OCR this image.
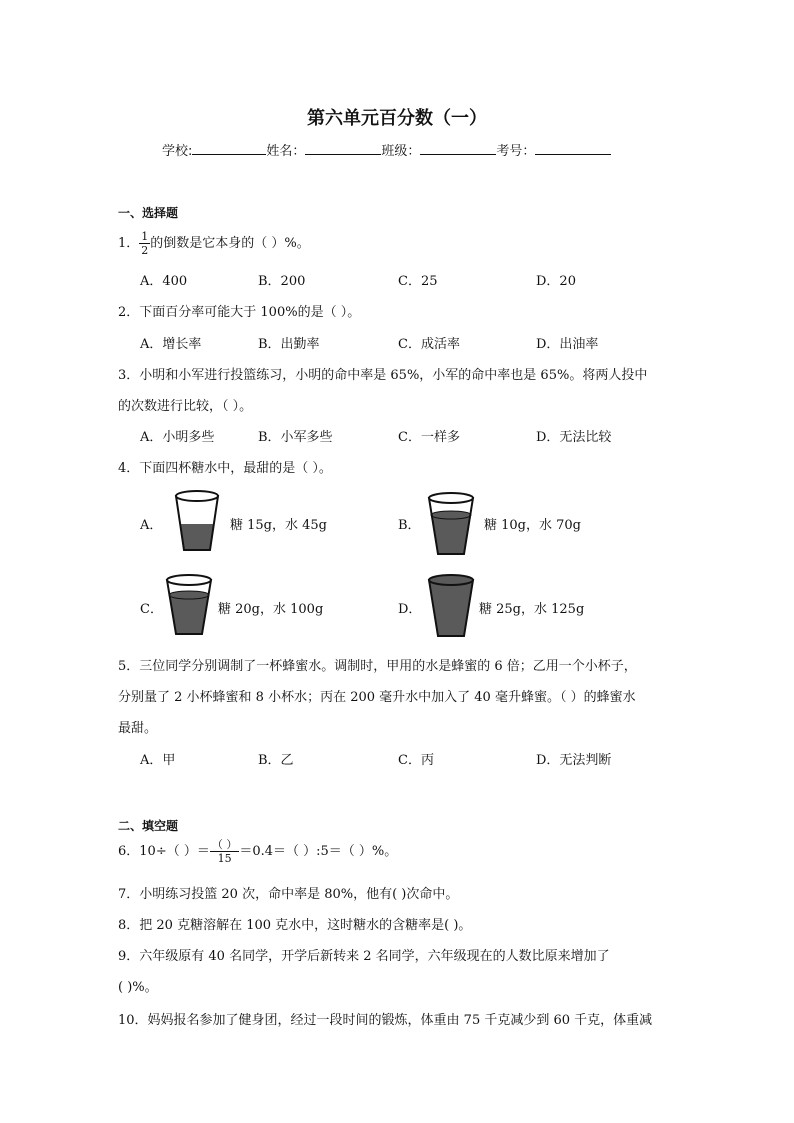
第六单元百分数（一）
学校:	姓名：	班级：	考号：
一、选择题
1． $\frac{1}{2}$ 的倒数是它本身的（ ）%。
A．400	B．200	C．25	D．20
2．下面百分率可能大于 100%的是（ ）。
A．增长率	B．出勤率	C．成活率	D．出油率
3．小明和小军进行投篮练习，小明的命中率是 65%，小军的命中率也是 65%。将两人投中
的次数进行比较，（ ）。
A．小明多些	B．小军多些	C．一样多	D．无法比较
4．下面四杯糖水中，最甜的是（ ）。
A．	糖 15g，水 45g	B．	糖 10g，水 70g
C．	糖 20g，水 100g	D．	糖 25g，水 125g
5．三位同学分别调制了一杯蜂蜜水。调制时，甲用的水是蜂蜜的 6 倍；乙用一个小杯子，
分别量了 2 小杯蜂蜜和 8 小杯水；丙在 200 毫升水中加入了 40 毫升蜂蜜。（ ）的蜂蜜水
最甜。
A．甲	B．乙	C．丙	D．无法判断
二、填空题
6．10÷（ ）＝ $\frac{( )}{15} =0.4=$（ ）:5＝（ ）%。
7．小明练习投篮 20 次，命中率是 80%，他有( )次命中。
8．把 20 克糖溶解在 100 克水中，这时糖水的含糖率是( )。
9．六年级原有 40 名同学，开学后新转来 2 名同学，六年级现在的人数比原来增加了
( )%。
10．妈妈报名参加了健身团，经过一段时间的锻炼，体重由 75 千克减少到 60 千克，体重减
